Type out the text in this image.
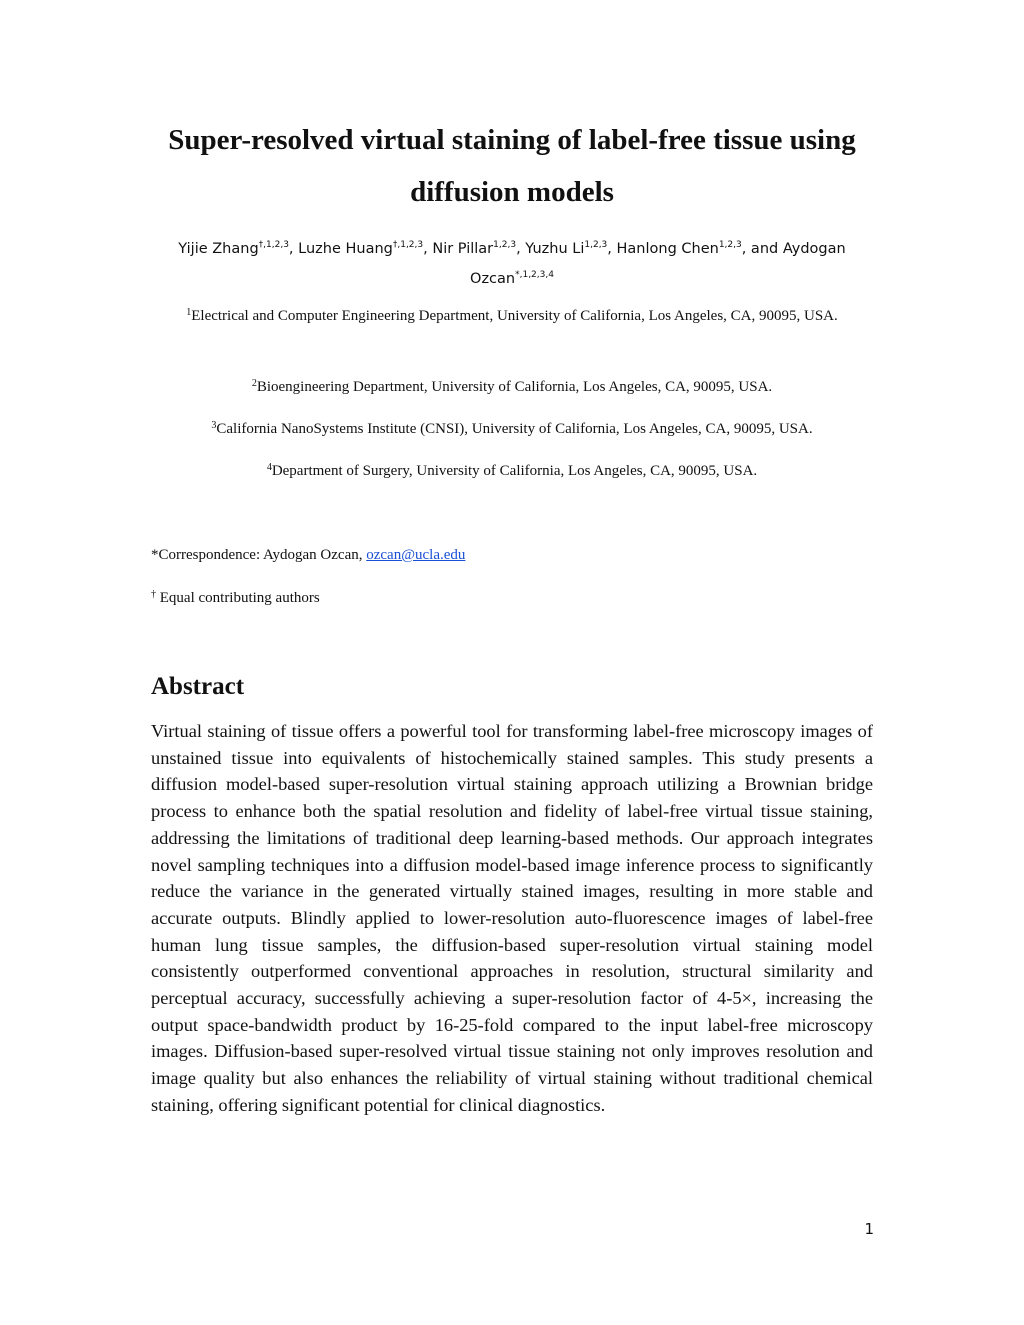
Super-resolved virtual staining of label-free tissue using diffusion models

Yijie Zhang$^{\dagger,1,2,3}$, Luzhe Huang$^{\dagger,1,2,3}$, Nir Pillar$^{1,2,3}$, Yuzhu Li$^{1,2,3}$, Hanlong Chen$^{1,2,3}$, and Aydogan Ozcan$^{*,1,2,3,4}$

$^1$Electrical and Computer Engineering Department, University of California, Los Angeles, CA, 90095, USA.

$^2$Bioengineering Department, University of California, Los Angeles, CA, 90095, USA.

$^3$California NanoSystems Institute (CNSI), University of California, Los Angeles, CA, 90095, USA.

$^4$Department of Surgery, University of California, Los Angeles, CA, 90095, USA.

*Correspondence: Aydogan Ozcan, ozcan@ucla.edu

† Equal contributing authors

Abstract

Virtual staining of tissue offers a powerful tool for transforming label-free microscopy images of unstained tissue into equivalents of histochemically stained samples. This study presents a diffusion model-based super-resolution virtual staining approach utilizing a Brownian bridge process to enhance both the spatial resolution and fidelity of label-free virtual tissue staining, addressing the limitations of traditional deep learning-based methods. Our approach integrates novel sampling techniques into a diffusion model-based image inference process to significantly reduce the variance in the generated virtually stained images, resulting in more stable and accurate outputs. Blindly applied to lower-resolution auto-fluorescence images of label-free human lung tissue samples, the diffusion-based super-resolution virtual staining model consistently outperformed conventional approaches in resolution, structural similarity and perceptual accuracy, successfully achieving a super-resolution factor of 4-5×, increasing the output space-bandwidth product by 16-25-fold compared to the input label-free microscopy images. Diffusion-based super-resolved virtual tissue staining not only improves resolution and image quality but also enhances the reliability of virtual staining without traditional chemical staining, offering significant potential for clinical diagnostics.

1
